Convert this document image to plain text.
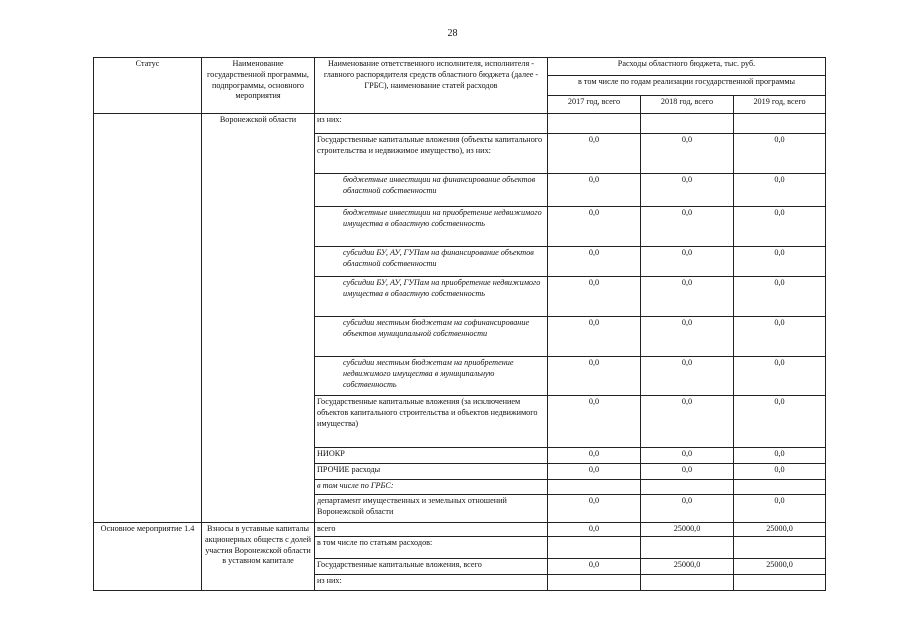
28
Статус	Наименование государственной программы, подпрограммы, основного мероприятия	Наименование ответственного исполнителя, исполнителя - главного распорядителя средств областного бюджета (далее - ГРБС), наименование статей расходов	Расходы областного бюджета, тыс. руб.		
			в том числе по годам реализации государственной программы		
			2017 год, всего	2018 год, всего	2019 год, всего
	Воронежской области	из них:			
		Государственные капитальные вложения (объекты капитального строительства и недвижимое имущество), из них:	0,0	0,0	0,0
		бюджетные инвестиции на финансирование объектов областной собственности	0,0	0,0	0,0
		бюджетные инвестиции на приобретение недвижимого имущества в областную собственность	0,0	0,0	0,0
		субсидии БУ, АУ, ГУПам на финансирование объектов областной собственности	0,0	0,0	0,0
		субсидии БУ, АУ, ГУПам на приобретение недвижимого имущества в областную собственность	0,0	0,0	0,0
		субсидии местным бюджетам на софинансирование объектов муниципальной собственности	0,0	0,0	0,0
		субсидии местным бюджетам на приобретение недвижимого имущества в муниципальную собственность	0,0	0,0	0,0
		Государственные капитальные вложения (за исключением объектов капитального строительства и объектов недвижимого имущества)	0,0	0,0	0,0
		НИОКР	0,0	0,0	0,0
		ПРОЧИЕ расходы	0,0	0,0	0,0
		в том числе по ГРБС:			
		департамент имущественных и земельных отношений Воронежской области	0,0	0,0	0,0
Основное мероприятие 1.4	Взносы в уставные капиталы акционерных обществ с долей участия Воронежской области в уставном капитале	всего	0,0	25000,0	25000,0
		в том числе по статьям расходов:			
		Государственные капитальные вложения, всего	0,0	25000,0	25000,0
		из них:			
